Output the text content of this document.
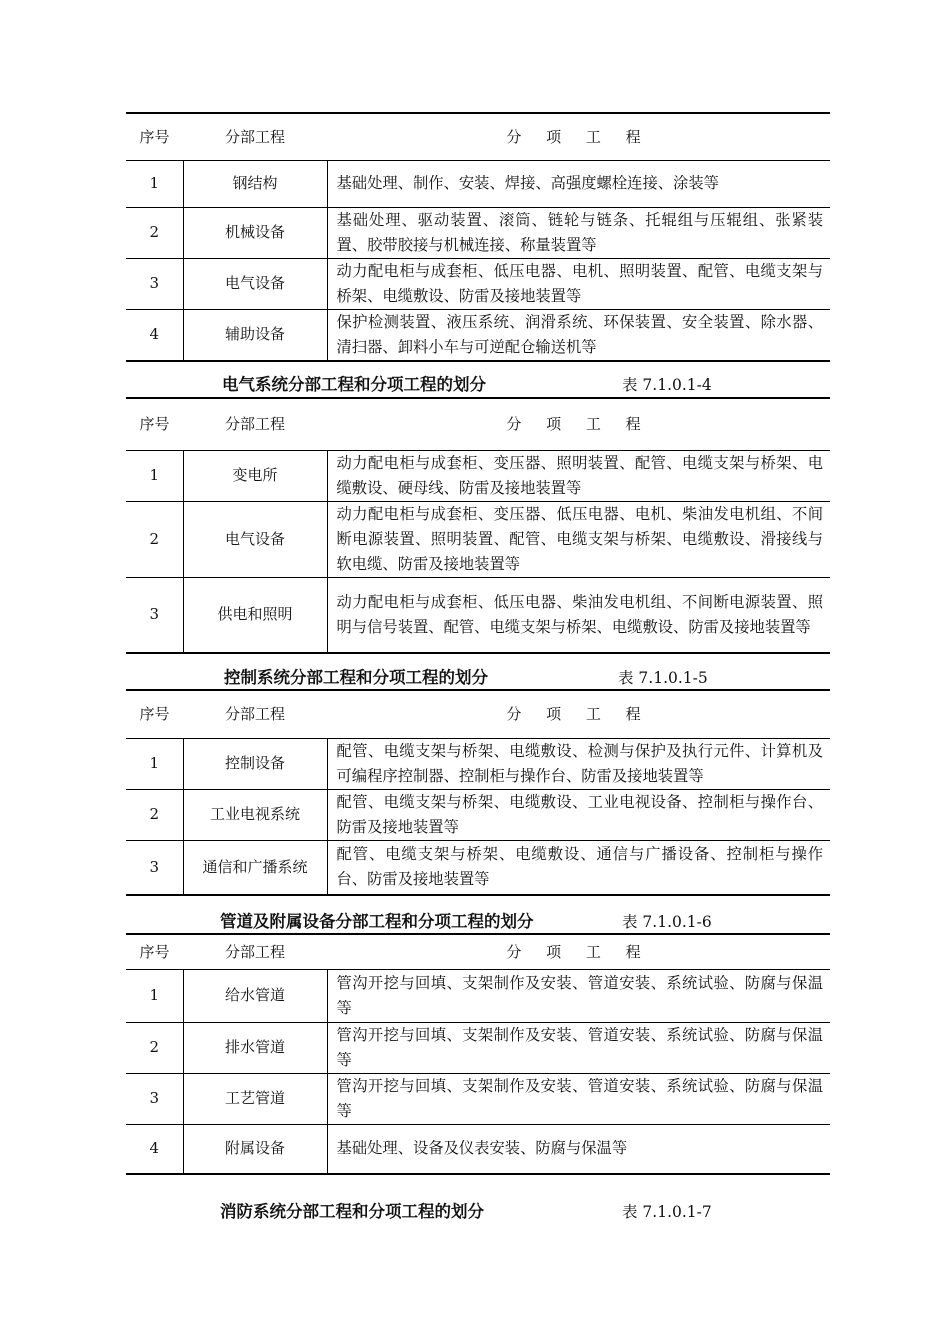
序号	分部工程	分 项 工 程
1	钢结构	基础处理、制作、安装、焊接、高强度螺栓连接、涂装等
2	机械设备	基础处理、驱动装置、滚筒、链轮与链条、托辊组与压辊组、张紧装置、胶带胶接与机械连接、称量装置等
3	电气设备	动力配电柜与成套柜、低压电器、电机、照明装置、配管、电缆支架与桥架、电缆敷设、防雷及接地装置等
4	辅助设备	保护检测装置、液压系统、润滑系统、环保装置、安全装置、除水器、清扫器、卸料小车与可逆配仓输送机等
电气系统分部工程和分项工程的划分	表 7.1.0.1-4
序号	分部工程	分 项 工 程
1	变电所	动力配电柜与成套柜、变压器、照明装置、配管、电缆支架与桥架、电缆敷设、硬母线、防雷及接地装置等
2	电气设备	动力配电柜与成套柜、变压器、低压电器、电机、柴油发电机组、不间断电源装置、照明装置、配管、电缆支架与桥架、电缆敷设、滑接线与软电缆、防雷及接地装置等
3	供电和照明	动力配电柜与成套柜、低压电器、柴油发电机组、不间断电源装置、照明与信号装置、配管、电缆支架与桥架、电缆敷设、防雷及接地装置等
控制系统分部工程和分项工程的划分	表 7.1.0.1-5
序号	分部工程	分 项 工 程
1	控制设备	配管、电缆支架与桥架、电缆敷设、检测与保护及执行元件、计算机及可编程序控制器、控制柜与操作台、防雷及接地装置等
2	工业电视系统	配管、电缆支架与桥架、电缆敷设、工业电视设备、控制柜与操作台、防雷及接地装置等
3	通信和广播系统	配管、电缆支架与桥架、电缆敷设、通信与广播设备、控制柜与操作台、防雷及接地装置等
管道及附属设备分部工程和分项工程的划分	表 7.1.0.1-6
序号	分部工程	分 项 工 程
1	给水管道	管沟开挖与回填、支架制作及安装、管道安装、系统试验、防腐与保温等
2	排水管道	管沟开挖与回填、支架制作及安装、管道安装、系统试验、防腐与保温等
3	工艺管道	管沟开挖与回填、支架制作及安装、管道安装、系统试验、防腐与保温等
4	附属设备	基础处理、设备及仪表安装、防腐与保温等
消防系统分部工程和分项工程的划分	表 7.1.0.1-7
